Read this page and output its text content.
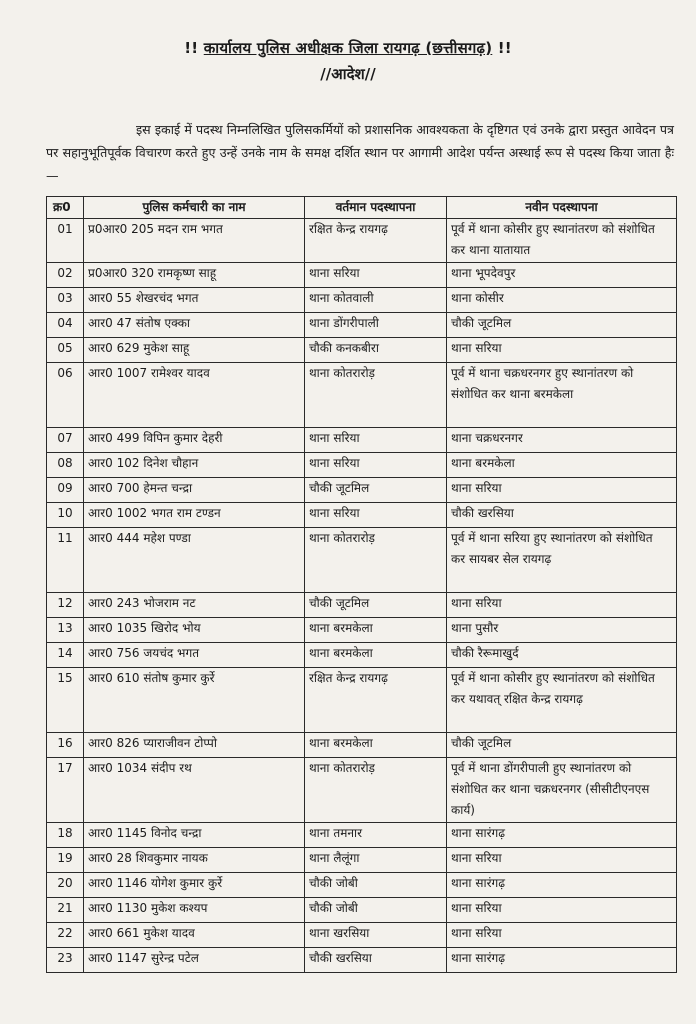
!! कार्यालय पुलिस अधीक्षक जिला रायगढ़ (छत्तीसगढ़) !!
//आदेश//

इस इकाई में पदस्थ निम्नलिखित पुलिसकर्मियों को प्रशासनिक आवश्यकता के दृष्टिगत एवं उनके द्वारा प्रस्तुत आवेदन पत्र पर सहानुभूतिपूर्वक विचारण करते हुए उन्हें उनके नाम के समक्ष दर्शित स्थान पर आगामी आदेश पर्यन्त अस्थाई रूप से पदस्थ किया जाता हैः—

क्र0	पुलिस कर्मचारी का नाम	वर्तमान पदस्थापना	नवीन पदस्थापना
01	प्र0आर0 205 मदन राम भगत	रक्षित केन्द्र रायगढ़	पूर्व में थाना कोसीर हुए स्थानांतरण को संशोधित कर थाना यातायात
02	प्र0आर0 320 रामकृष्ण साहू	थाना सरिया	थाना भूपदेवपुर
03	आर0 55 शेखरचंद भगत	थाना कोतवाली	थाना कोसीर
04	आर0 47 संतोष एक्का	थाना डोंगरीपाली	चौकी जूटमिल
05	आर0 629 मुकेश साहू	चौकी कनकबीरा	थाना सरिया
06	आर0 1007 रामेश्वर यादव	थाना कोतरारोड़	पूर्व में थाना चक्रधरनगर हुए स्थानांतरण को संशोधित कर थाना बरमकेला
07	आर0 499 विपिन कुमार देहरी	थाना सरिया	थाना चक्रधरनगर
08	आर0 102 दिनेश चौहान	थाना सरिया	थाना बरमकेला
09	आर0 700 हेमन्त चन्द्रा	चौकी जूटमिल	थाना सरिया
10	आर0 1002 भगत राम टण्डन	थाना सरिया	चौकी खरसिया
11	आर0 444 महेश पण्डा	थाना कोतरारोड़	पूर्व में थाना सरिया हुए स्थानांतरण को संशोधित कर सायबर सेल रायगढ़
12	आर0 243 भोजराम नट	चौकी जूटमिल	थाना सरिया
13	आर0 1035 खिरोद भोय	थाना बरमकेला	थाना पुसौर
14	आर0 756 जयचंद भगत	थाना बरमकेला	चौकी रैरूमाखुर्द
15	आर0 610 संतोष कुमार कुर्रे	रक्षित केन्द्र रायगढ़	पूर्व में थाना कोसीर हुए स्थानांतरण को संशोधित कर यथावत् रक्षित केन्द्र रायगढ़
16	आर0 826 प्याराजीवन टोप्पो	थाना बरमकेला	चौकी जूटमिल
17	आर0 1034 संदीप रथ	थाना कोतरारोड़	पूर्व में थाना डोंगरीपाली हुए स्थानांतरण को संशोधित कर थाना चक्रधरनगर (सीसीटीएनएस कार्य)
18	आर0 1145 विनोद चन्द्रा	थाना तमनार	थाना सारंगढ़
19	आर0 28 शिवकुमार नायक	थाना लैलूंगा	थाना सरिया
20	आर0 1146 योगेश कुमार कुर्रे	चौकी जोबी	थाना सारंगढ़
21	आर0 1130 मुकेश कश्यप	चौकी जोबी	थाना सरिया
22	आर0 661 मुकेश यादव	थाना खरसिया	थाना सरिया
23	आर0 1147 सुरेन्द्र पटेल	चौकी खरसिया	थाना सारंगढ़
